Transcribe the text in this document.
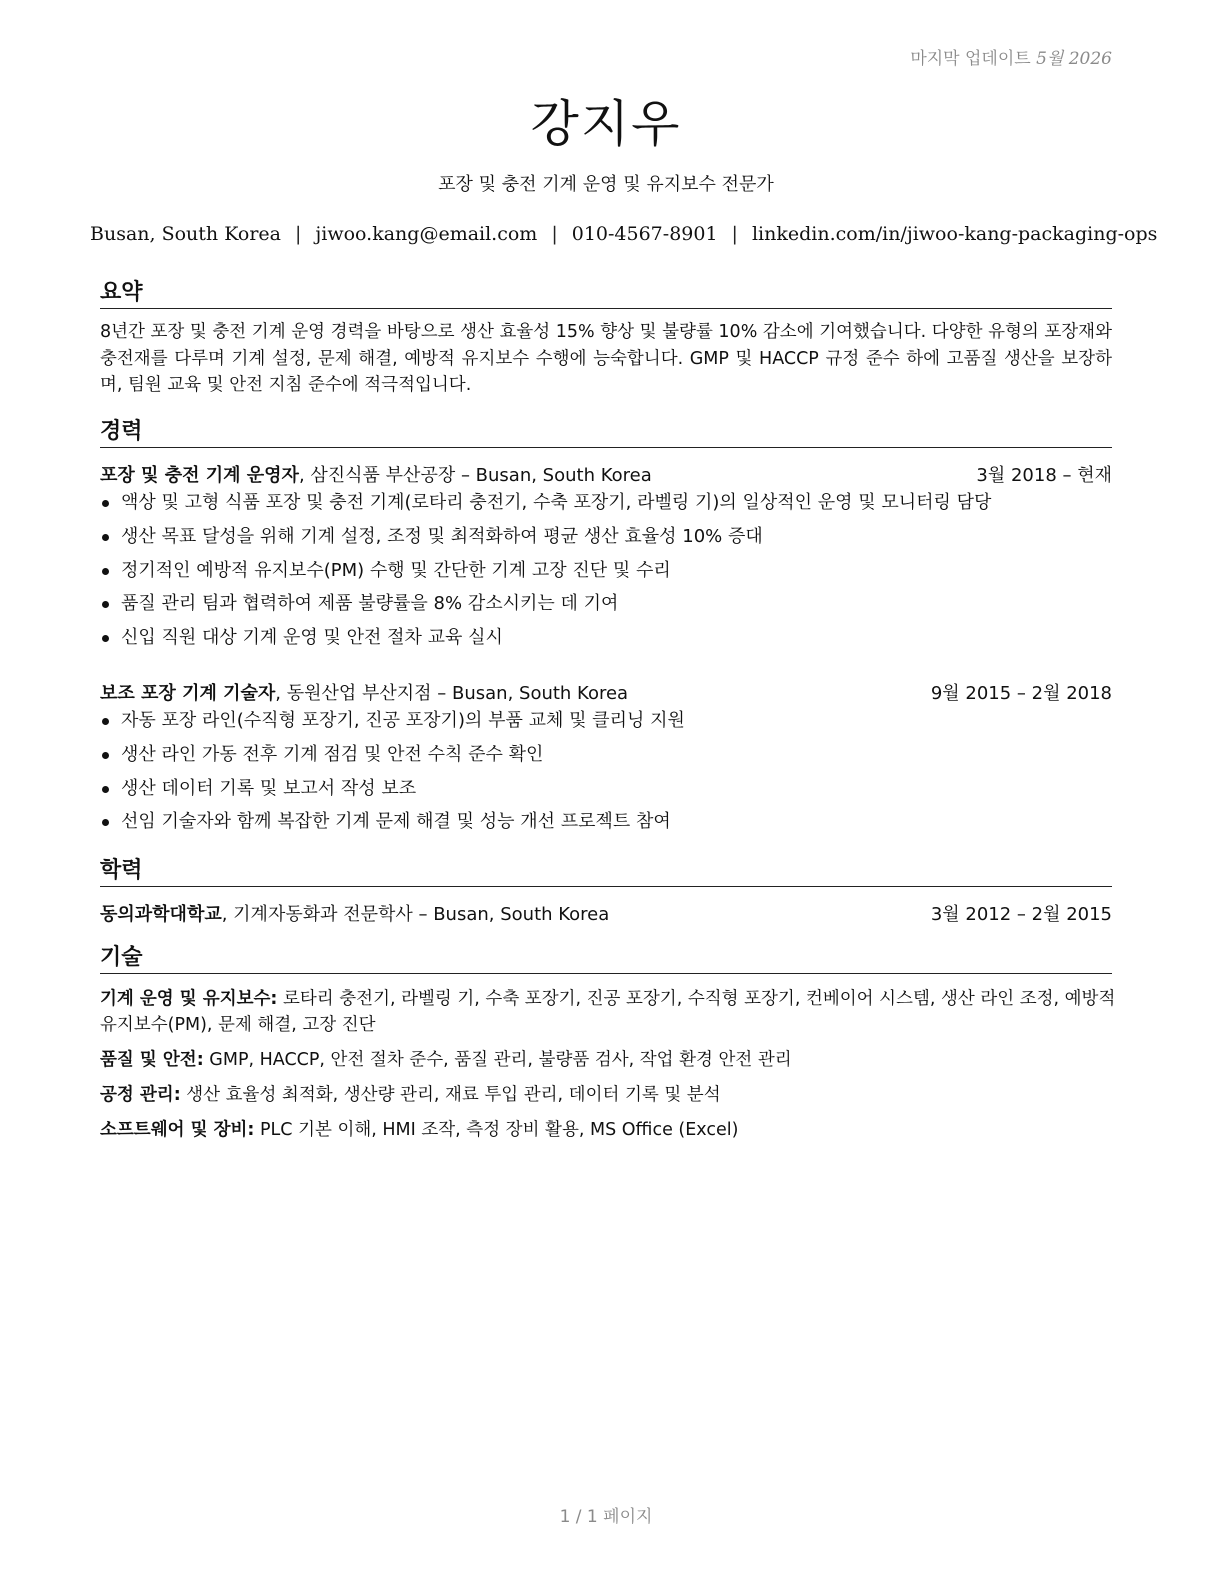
마지막 업데이트 5월 2026
강지우
포장 및 충전 기계 운영 및 유지보수 전문가
Busan, South Korea | jiwoo.kang@email.com | 010-4567-8901 | linkedin.com/in/jiwoo-kang-packaging-ops
요약
8년간 포장 및 충전 기계 운영 경력을 바탕으로 생산 효율성 15% 향상 및 불량률 10% 감소에 기여했습니다. 다양한 유형의 포장재와 충전재를 다루며 기계 설정, 문제 해결, 예방적 유지보수 수행에 능숙합니다. GMP 및 HACCP 규정 준수 하에 고품질 생산을 보장하며, 팀원 교육 및 안전 지침 준수에 적극적입니다.
경력
포장 및 충전 기계 운영자, 삼진식품 부산공장 – Busan, South Korea	3월 2018 – 현재
액상 및 고형 식품 포장 및 충전 기계(로타리 충전기, 수축 포장기, 라벨링 기)의 일상적인 운영 및 모니터링 담당
생산 목표 달성을 위해 기계 설정, 조정 및 최적화하여 평균 생산 효율성 10% 증대
정기적인 예방적 유지보수(PM) 수행 및 간단한 기계 고장 진단 및 수리
품질 관리 팀과 협력하여 제품 불량률을 8% 감소시키는 데 기여
신입 직원 대상 기계 운영 및 안전 절차 교육 실시
보조 포장 기계 기술자, 동원산업 부산지점 – Busan, South Korea	9월 2015 – 2월 2018
자동 포장 라인(수직형 포장기, 진공 포장기)의 부품 교체 및 클리닝 지원
생산 라인 가동 전후 기계 점검 및 안전 수칙 준수 확인
생산 데이터 기록 및 보고서 작성 보조
선임 기술자와 함께 복잡한 기계 문제 해결 및 성능 개선 프로젝트 참여
학력
동의과학대학교, 기계자동화과 전문학사 – Busan, South Korea	3월 2012 – 2월 2015
기술
기계 운영 및 유지보수: 로타리 충전기, 라벨링 기, 수축 포장기, 진공 포장기, 수직형 포장기, 컨베이어 시스템, 생산 라인 조정, 예방적 유지보수(PM), 문제 해결, 고장 진단
품질 및 안전: GMP, HACCP, 안전 절차 준수, 품질 관리, 불량품 검사, 작업 환경 안전 관리
공정 관리: 생산 효율성 최적화, 생산량 관리, 재료 투입 관리, 데이터 기록 및 분석
소프트웨어 및 장비: PLC 기본 이해, HMI 조작, 측정 장비 활용, MS Office (Excel)
1 / 1 페이지
